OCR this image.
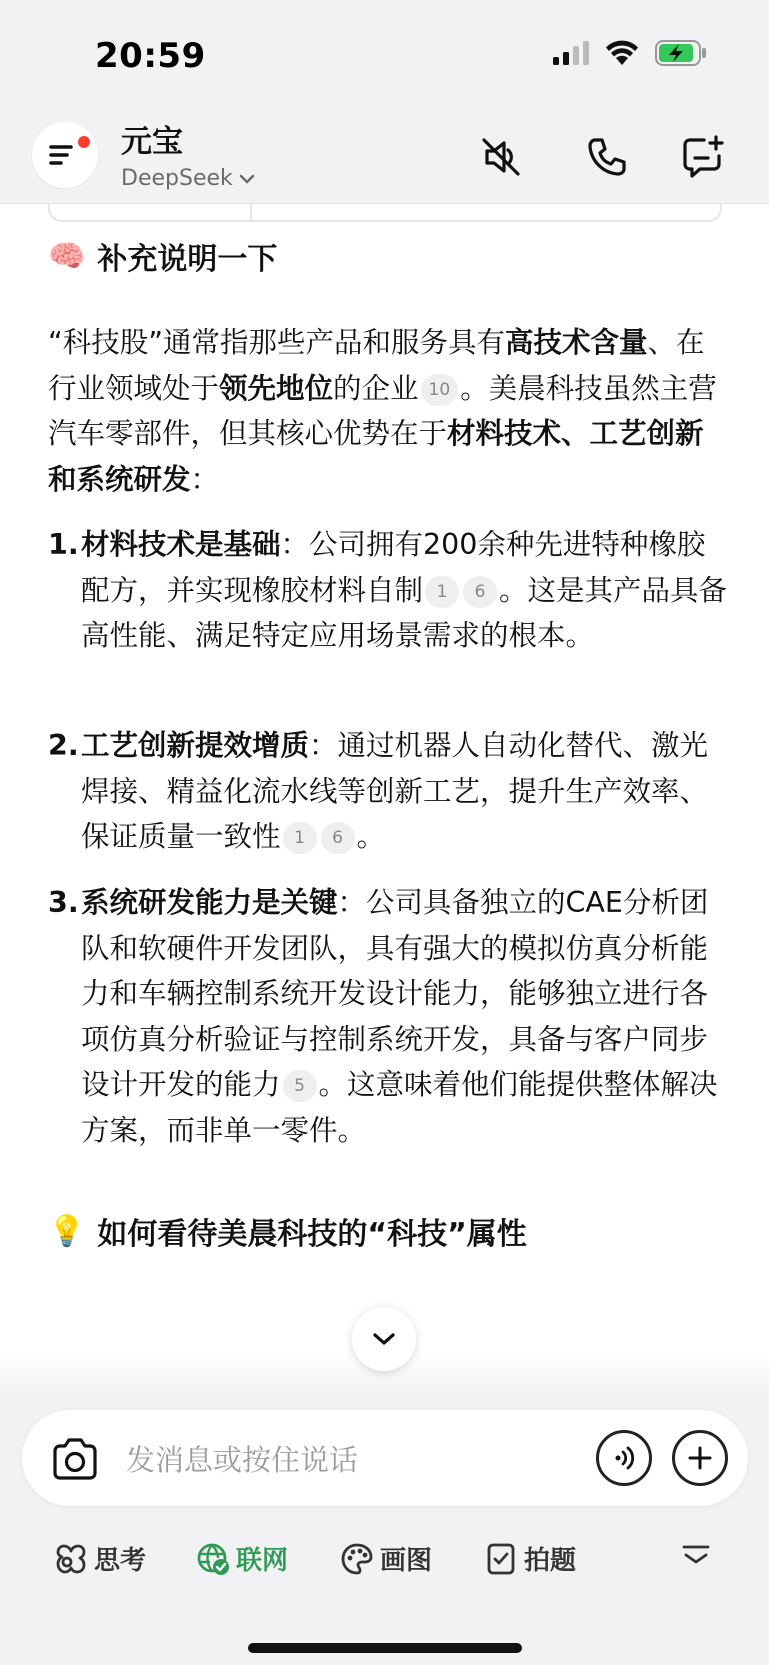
20:59
元宝
DeepSeek
🧠 补充说明一下
“科技股”通常指那些产品和服务具有高技术含量、在行业领域处于领先地位的企业 10 。美晨科技虽然主营汽车零部件，但其核心优势在于材料技术、工艺创新和系统研发：
1. 材料技术是基础：公司拥有200余种先进特种橡胶配方，并实现橡胶材料自制 1 6 。这是其产品具备高性能、满足特定应用场景需求的根本。
2. 工艺创新提效增质：通过机器人自动化替代、激光焊接、精益化流水线等创新工艺，提升生产效率、保证质量一致性 1 6 。
3. 系统研发能力是关键：公司具备独立的CAE分析团队和软硬件开发团队，具有强大的模拟仿真分析能力和车辆控制系统开发设计能力，能够独立进行各项仿真分析验证与控制系统开发，具备与客户同步设计开发的能力 5 。这意味着他们能提供整体解决方案，而非单一零件。
💡 如何看待美晨科技的“科技”属性
发消息或按住说话
思考	联网	画图	拍题
